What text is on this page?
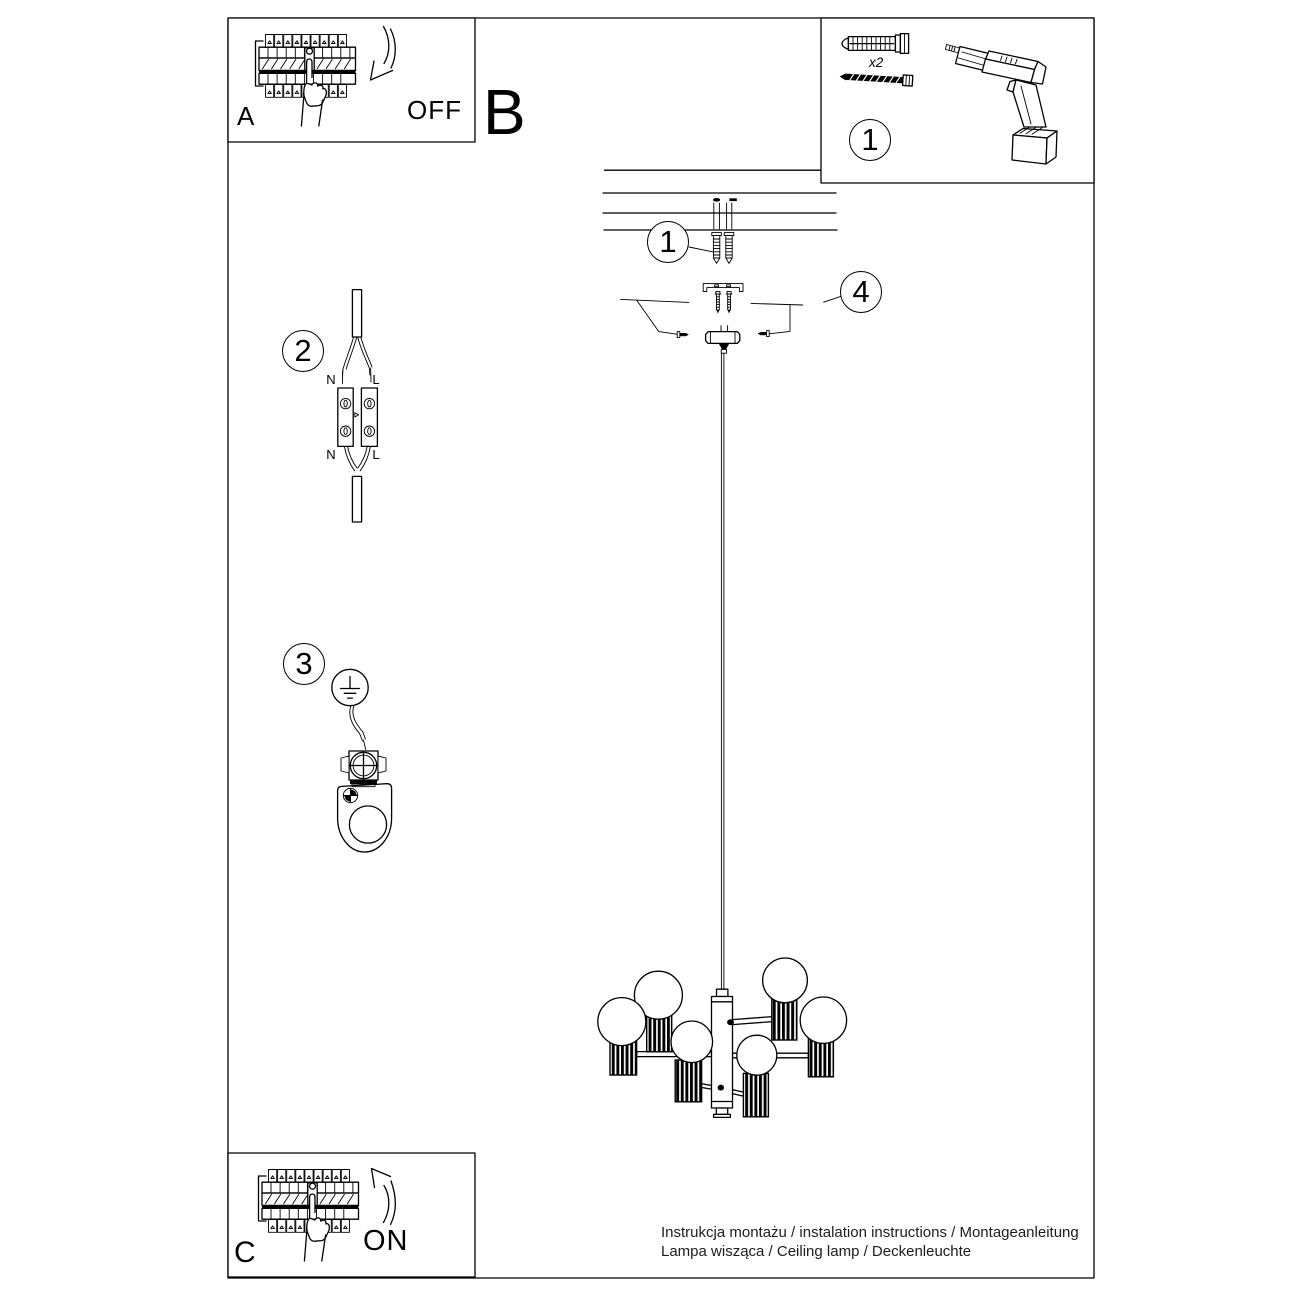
A	OFF B
x2
C	ON
1
1
4
2
3
N	L
N	L
Instrukcja montażu / instalation instructions / Montageanleitung
Lampa wisząca / Ceiling lamp / Deckenleuchte
